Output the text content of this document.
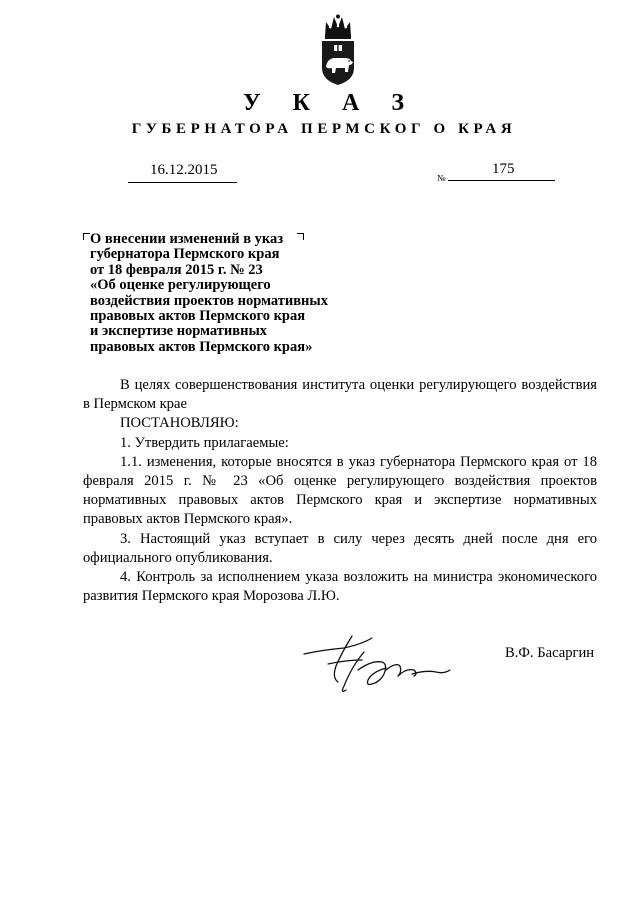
У К А З
ГУБЕРНАТОРА ПЕРМСКОГ О КРАЯ
16.12.2015	№
175
О внесении изменений в указ
губернатора Пермского края
от 18 февраля 2015 г. № 23
«Об оценке регулирующего
воздействия проектов нормативных
правовых актов Пермского края
и экспертизе нормативных
правовых актов Пермского края»

В целях совершенствования института оценки регулирующего воздействия в Пермском крае

ПОСТАНОВЛЯЮ:

1. Утвердить прилагаемые:

1.1. изменения, которые вносятся в указ губернатора Пермского края от 18 февраля 2015 г. № 23 «Об оценке регулирующего воздействия проектов нормативных правовых актов Пермского края и экспертизе нормативных правовых актов Пермского края».

3. Настоящий указ вступает в силу через десять дней после дня его официального опубликования.

4. Контроль за исполнением указа возложить на министра экономического развития Пермского края Морозова Л.Ю.

В.Ф. Басаргин
